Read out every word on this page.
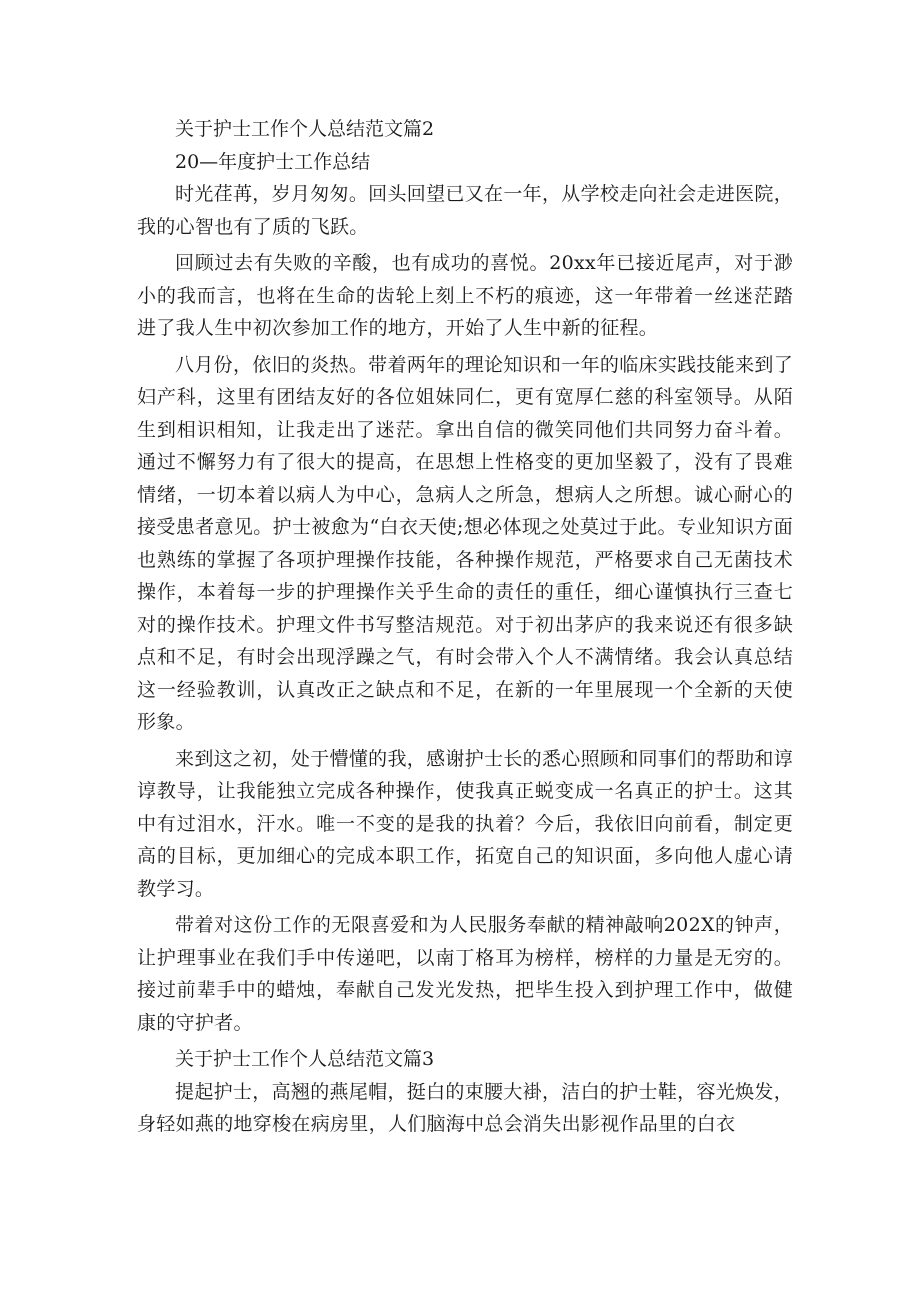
关于护士工作个人总结范文篇2

20—年度护士工作总结

时光荏苒，岁月匆匆。回头回望已又在一年，从学校走向社会走进医院，我的心智也有了质的飞跃。

回顾过去有失败的辛酸，也有成功的喜悦。20xx年已接近尾声，对于渺小的我而言，也将在生命的齿轮上刻上不朽的痕迹，这一年带着一丝迷茫踏进了我人生中初次参加工作的地方，开始了人生中新的征程。

八月份，依旧的炎热。带着两年的理论知识和一年的临床实践技能来到了妇产科，这里有团结友好的各位姐妹同仁，更有宽厚仁慈的科室领导。从陌生到相识相知，让我走出了迷茫。拿出自信的微笑同他们共同努力奋斗着。通过不懈努力有了很大的提高，在思想上性格变的更加坚毅了，没有了畏难情绪，一切本着以病人为中心，急病人之所急，想病人之所想。诚心耐心的接受患者意见。护士被愈为“白衣天使;想必体现之处莫过于此。专业知识方面也熟练的掌握了各项护理操作技能，各种操作规范，严格要求自己无菌技术操作，本着每一步的护理操作关乎生命的责任的重任，细心谨慎执行三查七对的操作技术。护理文件书写整洁规范。对于初出茅庐的我来说还有很多缺点和不足，有时会出现浮躁之气，有时会带入个人不满情绪。我会认真总结这一经验教训，认真改正之缺点和不足，在新的一年里展现一个全新的天使形象。

来到这之初，处于懵懂的我，感谢护士长的悉心照顾和同事们的帮助和谆谆教导，让我能独立完成各种操作，使我真正蜕变成一名真正的护士。这其中有过泪水，汗水。唯一不变的是我的执着？今后，我依旧向前看，制定更高的目标，更加细心的完成本职工作，拓宽自己的知识面，多向他人虚心请教学习。

带着对这份工作的无限喜爱和为人民服务奉献的精神敲响202X的钟声，让护理事业在我们手中传递吧，以南丁格耳为榜样，榜样的力量是无穷的。接过前辈手中的蜡烛，奉献自己发光发热，把毕生投入到护理工作中，做健康的守护者。

关于护士工作个人总结范文篇3

提起护士，高翘的燕尾帽，挺白的束腰大褂，洁白的护士鞋，容光焕发，身轻如燕的地穿梭在病房里，人们脑海中总会消失出影视作品里的白衣
